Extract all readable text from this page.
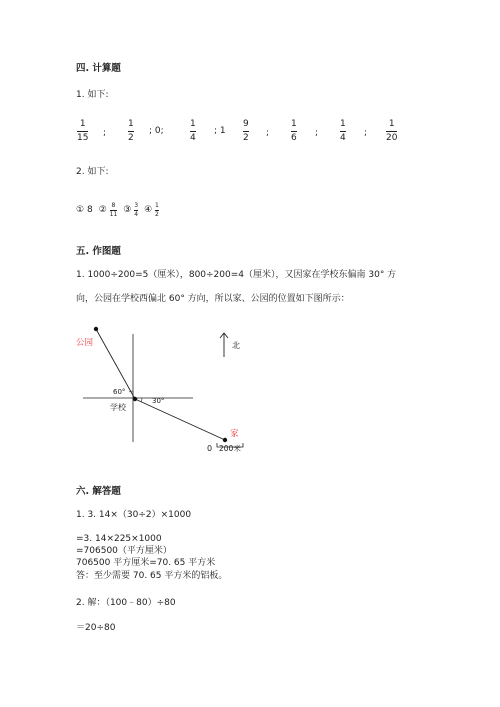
四. 计算题
1. 如下:
1
15 ;
1
2
; 0;
1
4
; 1
9
2 ;
1
6 ;
1
4 ;
1
20
2. 如下:
①
8 ②
8
11 ③
3
4 ④
1
2
五. 作图题
1. 1000÷200=5（厘米），800÷200=4（厘米），又因家在学校东偏南 30° 方
向，公园在学校西偏北 60° 方向，所以家、公园的位置如下图所示：
公园
学校
家
北
60°
30°
0 200米
六. 解答题
1. 3. 14×（30÷2）×1000
=3. 14×225×1000
=706500（平方厘米）
706500 平方厘米=70. 65 平方米
答：至少需要 70. 65 平方米的铝板。
2. 解：（100﹣80）÷80
＝20÷80
